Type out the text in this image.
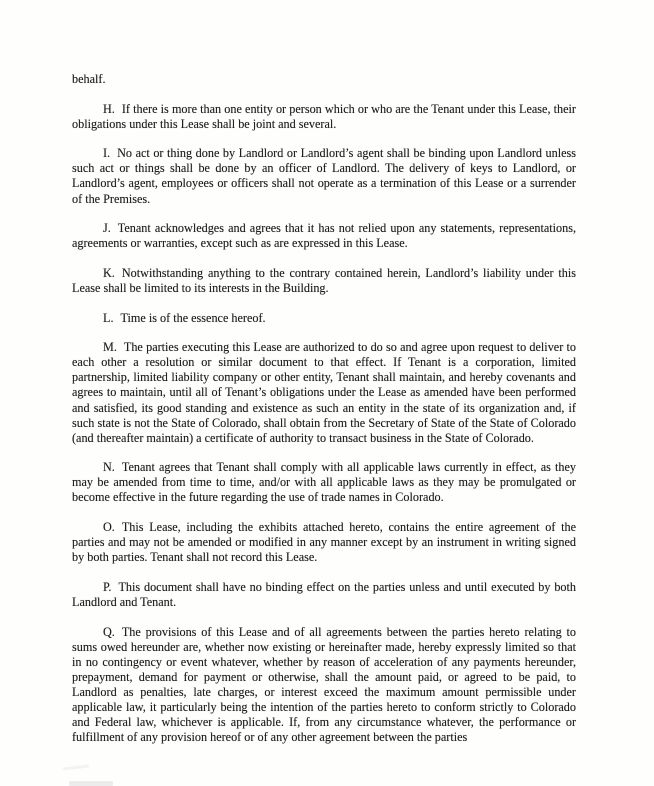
behalf.

H. If there is more than one entity or person which or who are the Tenant under this Lease, their obligations under this Lease shall be joint and several.

I. No act or thing done by Landlord or Landlord’s agent shall be binding upon Landlord unless such act or things shall be done by an officer of Landlord. The delivery of keys to Landlord, or Landlord’s agent, employees or officers shall not operate as a termination of this Lease or a surrender of the Premises.

J. Tenant acknowledges and agrees that it has not relied upon any statements, representations, agreements or warranties, except such as are expressed in this Lease.

K. Notwithstanding anything to the contrary contained herein, Landlord’s liability under this Lease shall be limited to its interests in the Building.

L. Time is of the essence hereof.

M. The parties executing this Lease are authorized to do so and agree upon request to deliver to each other a resolution or similar document to that effect. If Tenant is a corporation, limited partnership, limited liability company or other entity, Tenant shall maintain, and hereby covenants and agrees to maintain, until all of Tenant’s obligations under the Lease as amended have been performed and satisfied, its good standing and existence as such an entity in the state of its organization and, if such state is not the State of Colorado, shall obtain from the Secretary of State of the State of Colorado (and thereafter maintain) a certificate of authority to transact business in the State of Colorado.

N. Tenant agrees that Tenant shall comply with all applicable laws currently in effect, as they may be amended from time to time, and/or with all applicable laws as they may be promulgated or become effective in the future regarding the use of trade names in Colorado.

O. This Lease, including the exhibits attached hereto, contains the entire agreement of the parties and may not be amended or modified in any manner except by an instrument in writing signed by both parties. Tenant shall not record this Lease.

P. This document shall have no binding effect on the parties unless and until executed by both Landlord and Tenant.

Q. The provisions of this Lease and of all agreements between the parties hereto relating to sums owed hereunder are, whether now existing or hereinafter made, hereby expressly limited so that in no contingency or event whatever, whether by reason of acceleration of any payments hereunder, prepayment, demand for payment or otherwise, shall the amount paid, or agreed to be paid, to Landlord as penalties, late charges, or interest exceed the maximum amount permissible under applicable law, it particularly being the intention of the parties hereto to conform strictly to Colorado and Federal law, whichever is applicable. If, from any circumstance whatever, the performance or fulfillment of any provision hereof or of any other agreement between the parties
